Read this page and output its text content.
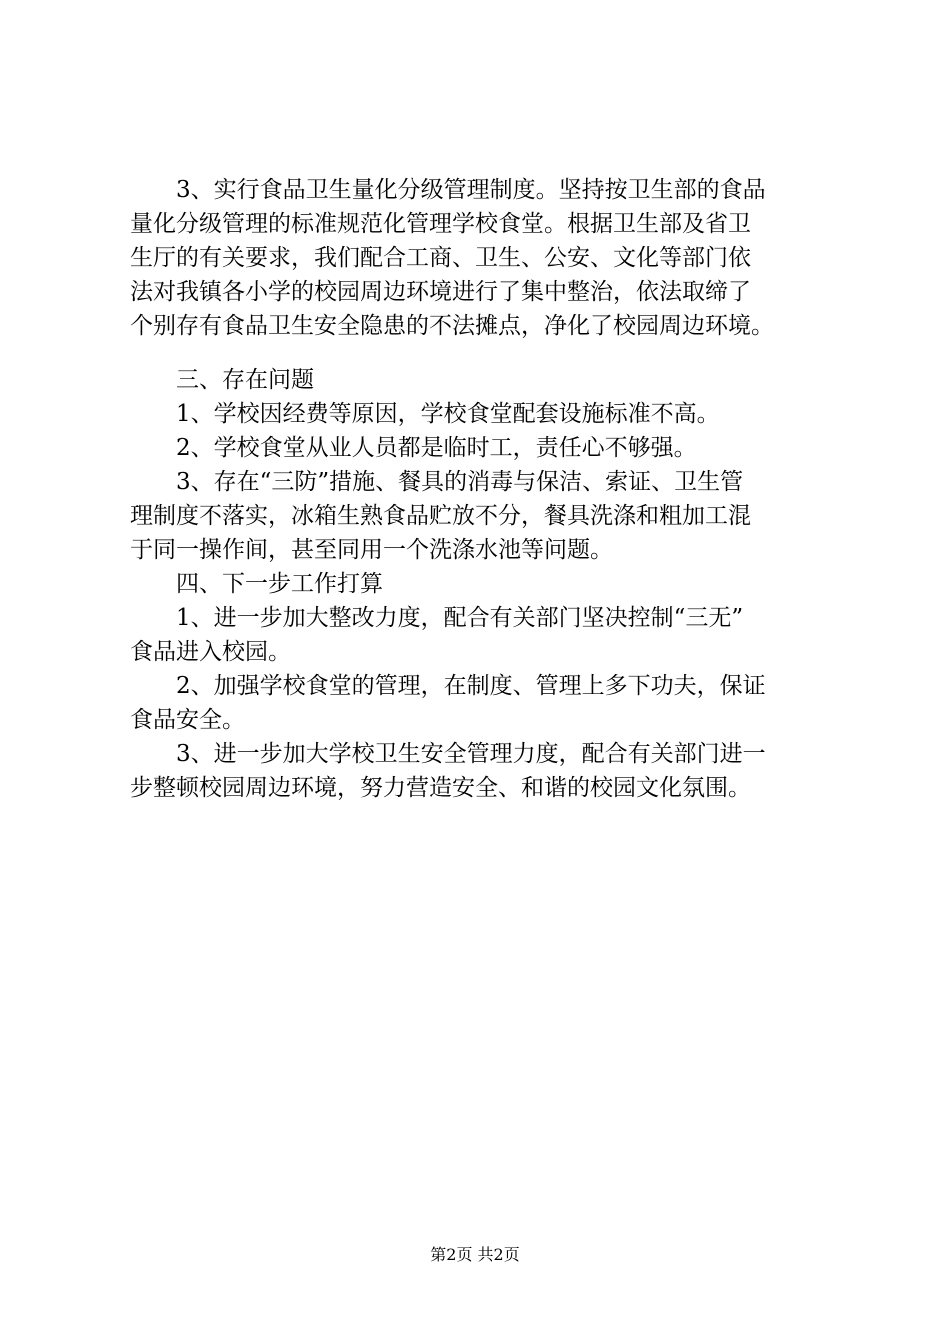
3、实行食品卫生量化分级管理制度。坚持按卫生部的食品
量化分级管理的标准规范化管理学校食堂。根据卫生部及省卫
生厅的有关要求，我们配合工商、卫生、公安、文化等部门依
法对我镇各小学的校园周边环境进行了集中整治，依法取缔了
个别存有食品卫生安全隐患的不法摊点，净化了校园周边环境。
三、存在问题
1、学校因经费等原因，学校食堂配套设施标准不高。
2、学校食堂从业人员都是临时工，责任心不够强。
3、存在“三防”措施、餐具的消毒与保洁、索证、卫生管
理制度不落实，冰箱生熟食品贮放不分，餐具洗涤和粗加工混
于同一操作间，甚至同用一个洗涤水池等问题。
四、下一步工作打算
1、进一步加大整改力度，配合有关部门坚决控制“三无”
食品进入校园。
2、加强学校食堂的管理，在制度、管理上多下功夫，保证
食品安全。
3、进一步加大学校卫生安全管理力度，配合有关部门进一
步整顿校园周边环境，努力营造安全、和谐的校园文化氛围。
第2页 共2页
